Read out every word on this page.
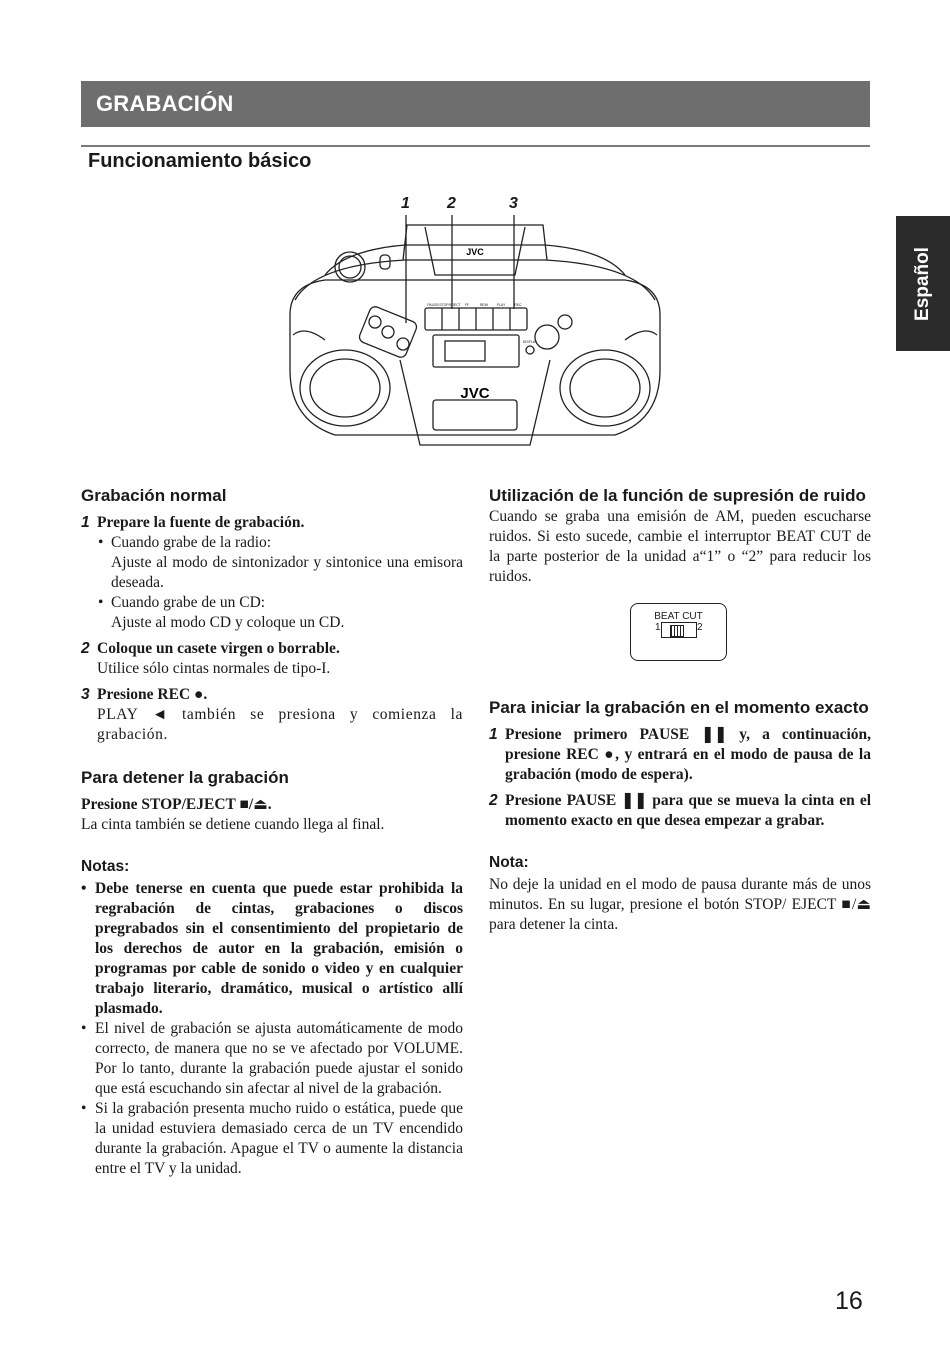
GRABACIÓN
Funcionamiento básico
Español
1 2	3
JVC
JVC
PAUSE STOP/EJECT FF	REW PLAY	REC
DISPLAY
Grabación normal
1 Prepare la fuente de grabación.
• Cuando grabe de la radio:

Ajuste al modo de sintonizador y sintonice una emisora deseada.

• Cuando grabe de un CD:

Ajuste al modo CD y coloque un CD.

2 Coloque un casete virgen o borrable.

Utilice sólo cintas normales de tipo-I.

3 Presione REC ●.

PLAY ◄ también se presiona y comienza la grabación.

Para detener la grabación

Presione STOP/EJECT ■/⏏.

La cinta también se detiene cuando llega al final.

Notas:
• Debe tenerse en cuenta que puede estar prohibida la regrabación de cintas, grabaciones o discos pregrabados sin el consentimiento del propietario de los derechos de autor en la grabación, emisión o programas por cable de sonido o video y en cualquier trabajo literario, dramático, musical o artístico allí plasmado.
• El nivel de grabación se ajusta automáticamente de modo correcto, de manera que no se ve afectado por VOLUME. Por lo tanto, durante la grabación puede ajustar el sonido que está escuchando sin afectar al nivel de la grabación.
• Si la grabación presenta mucho ruido o estática, puede que la unidad estuviera demasiado cerca de un TV encendido durante la grabación. Apague el TV o aumente la distancia entre el TV y la unidad.
Utilización de la función de supresión de ruido

Cuando se graba una emisión de AM, pueden escucharse ruidos. Si esto sucede, cambie el interruptor BEAT CUT de la parte posterior de la unidad a“1” o “2” para reducir los ruidos.

BEAT CUT
1	2
Para iniciar la grabación en el momento exacto
1 Presione primero PAUSE ❚❚ y, a continuación, presione REC ●, y entrará en el modo de pausa de la grabación (modo de espera).
2 Presione PAUSE ❚❚ para que se mueva la cinta en el momento exacto en que desea empezar a grabar.
Nota:

No deje la unidad en el modo de pausa durante más de unos minutos. En su lugar, presione el botón STOP/ EJECT ■/⏏ para detener la cinta.

16
